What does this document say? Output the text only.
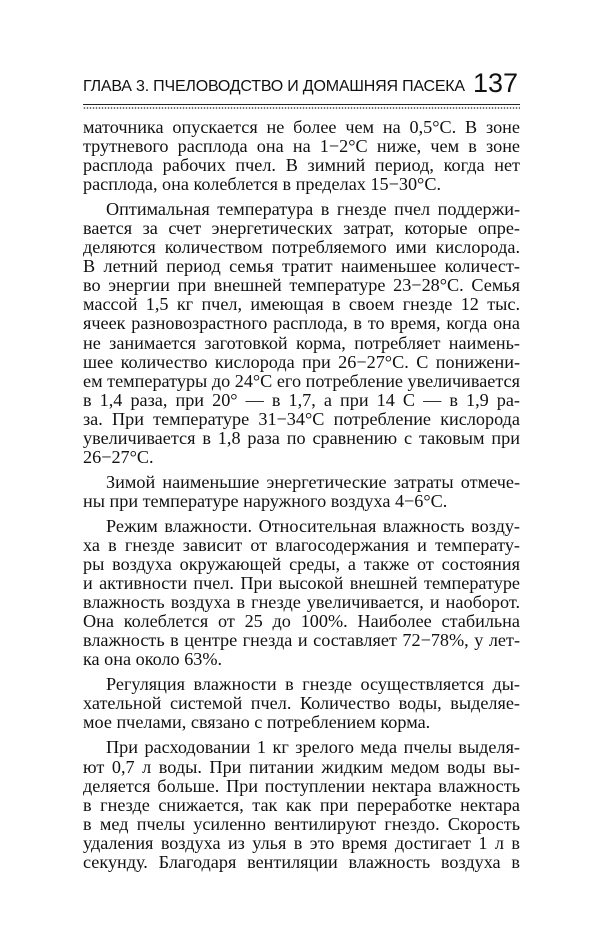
ГЛАВА 3. ПЧЕЛОВОДСТВО И ДОМАШНЯЯ ПАСЕКА 137
маточника опускается не более чем на 0,5°С. В зоне
трутневого расплода она на 1−2°С ниже, чем в зоне
расплода рабочих пчел. В зимний период, когда нет
расплода, она колеблется в пределах 15−30°С.
Оптимальная температура в гнезде пчел поддержи-
вается за счет энергетических затрат, которые опре-
деляются количеством потребляемого ими кислорода.
В летний период семья тратит наименьшее количест-
во энергии при внешней температуре 23−28°С. Семья
массой 1,5 кг пчел, имеющая в своем гнезде 12 тыс.
ячеек разновозрастного расплода, в то время, когда она
не занимается заготовкой корма, потребляет наимень-
шее количество кислорода при 26−27°С. С понижени-
ем температуры до 24°С его потребление увеличивается
в 1,4 раза, при 20° — в 1,7, а при 14 С — в 1,9 ра-
за. При температуре 31−34°С потребление кислорода
увеличивается в 1,8 раза по сравнению с таковым при
26−27°С.
Зимой наименьшие энергетические затраты отмече-
ны при температуре наружного воздуха 4−6°С.
Режим влажности. Относительная влажность возду-
ха в гнезде зависит от влагосодержания и температу-
ры воздуха окружающей среды, а также от состояния
и активности пчел. При высокой внешней температуре
влажность воздуха в гнезде увеличивается, и наоборот.
Она колеблется от 25 до 100%. Наиболее стабильна
влажность в центре гнезда и составляет 72−78%, у лет-
ка она около 63%.
Регуляция влажности в гнезде осуществляется ды-
хательной системой пчел. Количество воды, выделяе-
мое пчелами, связано с потреблением корма.
При расходовании 1 кг зрелого меда пчелы выделя-
ют 0,7 л воды. При питании жидким медом воды вы-
деляется больше. При поступлении нектара влажность
в гнезде снижается, так как при переработке нектара
в мед пчелы усиленно вентилируют гнездо. Скорость
удаления воздуха из улья в это время достигает 1 л в
секунду. Благодаря вентиляции влажность воздуха в
